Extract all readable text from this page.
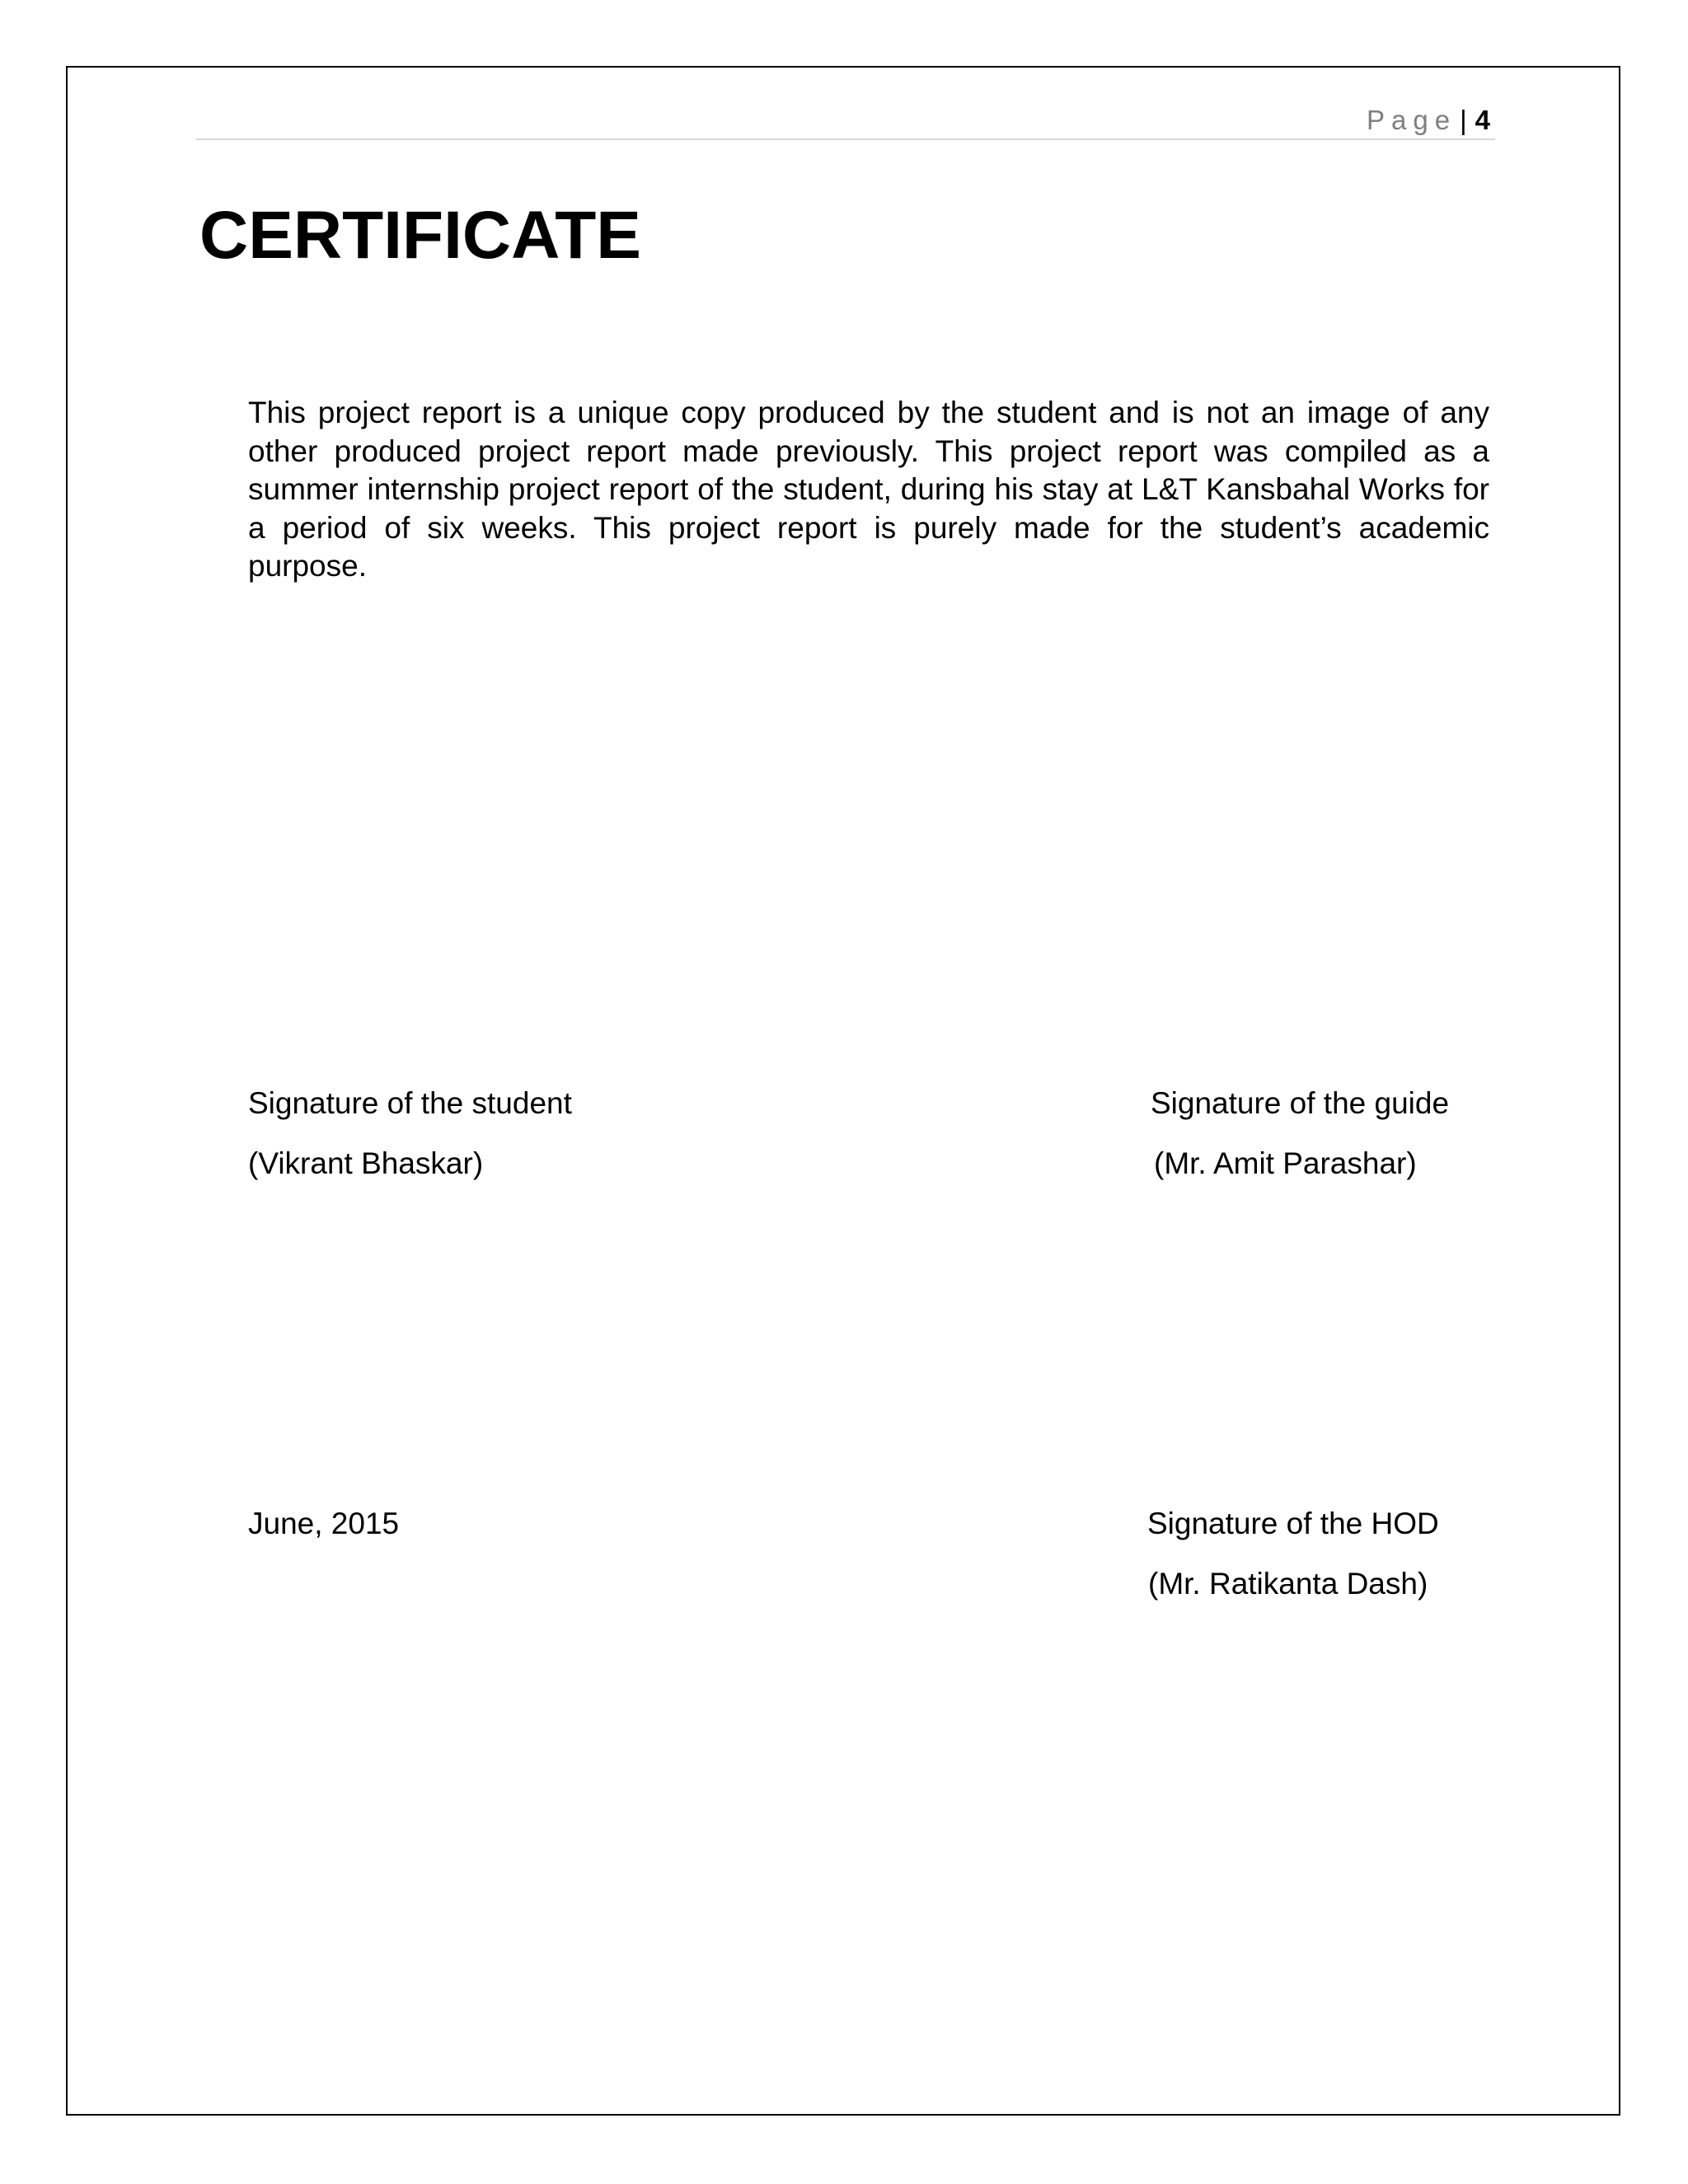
Page | 4
CERTIFICATE

This project report is a unique copy produced by the student and is not an image of any other produced project report made previously. This project report was compiled as a summer internship project report of the student, during his stay at L&T Kansbahal Works for a period of six weeks. This project report is purely made for the student’s academic purpose.

Signature of the student

(Vikrant Bhaskar)

Signature of the guide

(Mr. Amit Parashar)

June, 2015	Signature of the HOD

(Mr. Ratikanta Dash)
